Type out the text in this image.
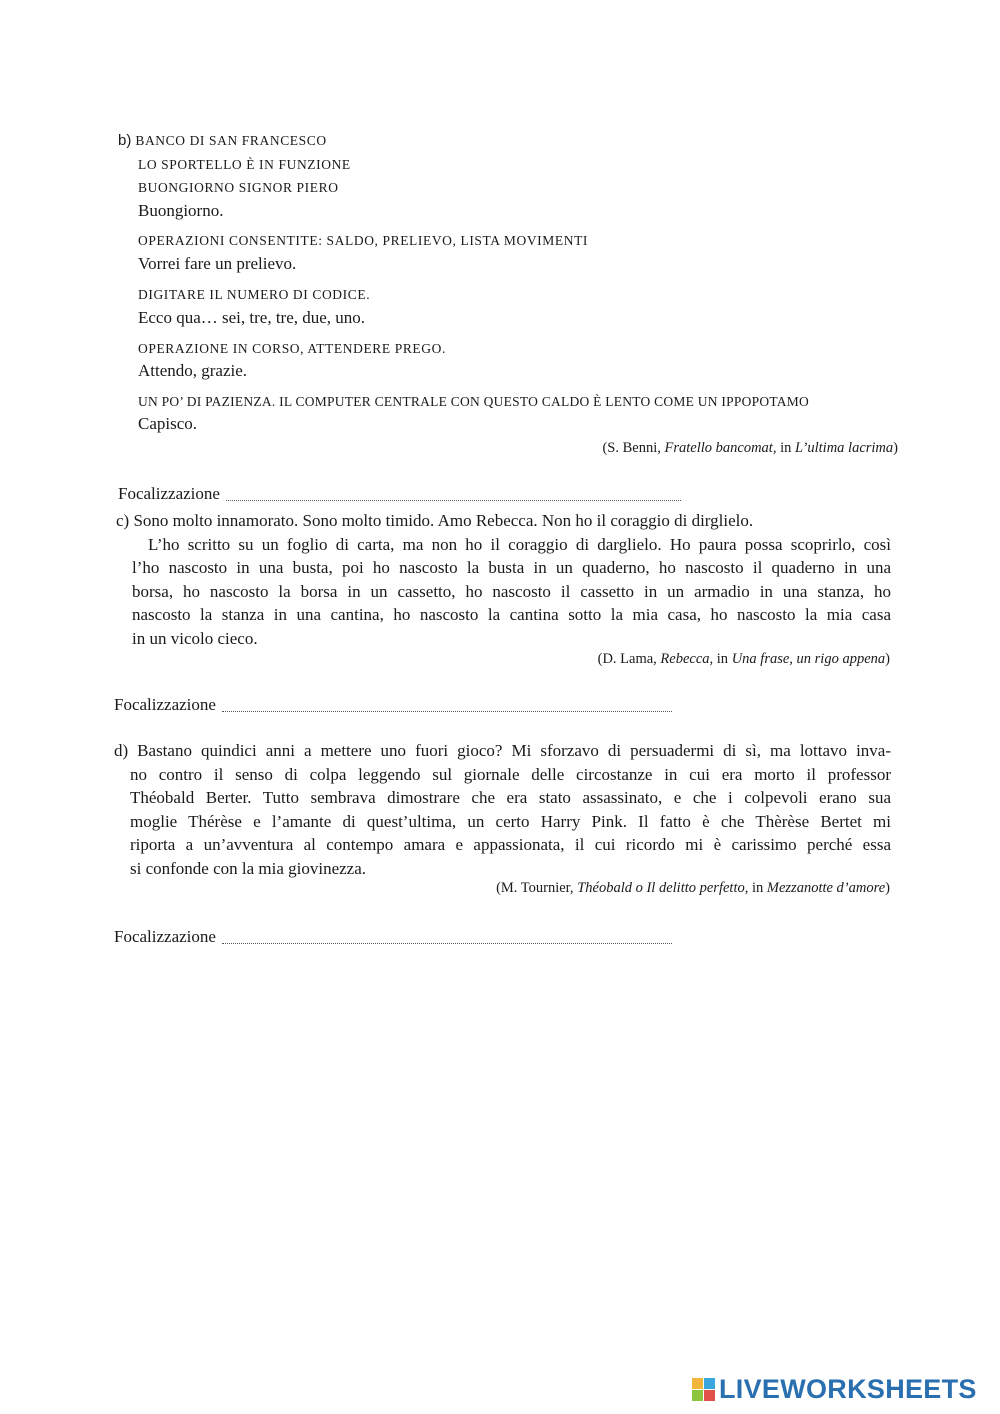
b) BANCO DI SAN FRANCESCO
LO SPORTELLO È IN FUNZIONE
BUONGIORNO SIGNOR PIERO
Buongiorno.
OPERAZIONI CONSENTITE: SALDO, PRELIEVO, LISTA MOVIMENTI
Vorrei fare un prelievo.
DIGITARE IL NUMERO DI CODICE.
Ecco qua… sei, tre, tre, due, uno.
OPERAZIONE IN CORSO, ATTENDERE PREGO.
Attendo, grazie.
UN PO’ DI PAZIENZA. IL COMPUTER CENTRALE CON QUESTO CALDO È LENTO COME UN IPPOPOTAMO
Capisco.
(S. Benni, Fratello bancomat, in L’ultima lacrima)
Focalizzazione
c) Sono molto innamorato. Sono molto timido. Amo Rebecca. Non ho il coraggio di dirglielo.
L’ho scritto su un foglio di carta, ma non ho il coraggio di darglielo. Ho paura possa scoprirlo, così
l’ho nascosto in una busta, poi ho nascosto la busta in un quaderno, ho nascosto il quaderno in una
borsa, ho nascosto la borsa in un cassetto, ho nascosto il cassetto in un armadio in una stanza, ho
nascosto la stanza in una cantina, ho nascosto la cantina sotto la mia casa, ho nascosto la mia casa
in un vicolo cieco.
(D. Lama, Rebecca, in Una frase, un rigo appena)
Focalizzazione
d) Bastano quindici anni a mettere uno fuori gioco? Mi sforzavo di persuadermi di sì, ma lottavo inva-
no contro il senso di colpa leggendo sul giornale delle circostanze in cui era morto il professor
Théobald Berter. Tutto sembrava dimostrare che era stato assassinato, e che i colpevoli erano sua
moglie Thérèse e l’amante di quest’ultima, un certo Harry Pink. Il fatto è che Thèrèse Bertet mi
riporta a un’avventura al contempo amara e appassionata, il cui ricordo mi è carissimo perché essa
si confonde con la mia giovinezza.
(M. Tournier, Théobald o Il delitto perfetto, in Mezzanotte d’amore)
Focalizzazione
LIVEWORKSHEETS
